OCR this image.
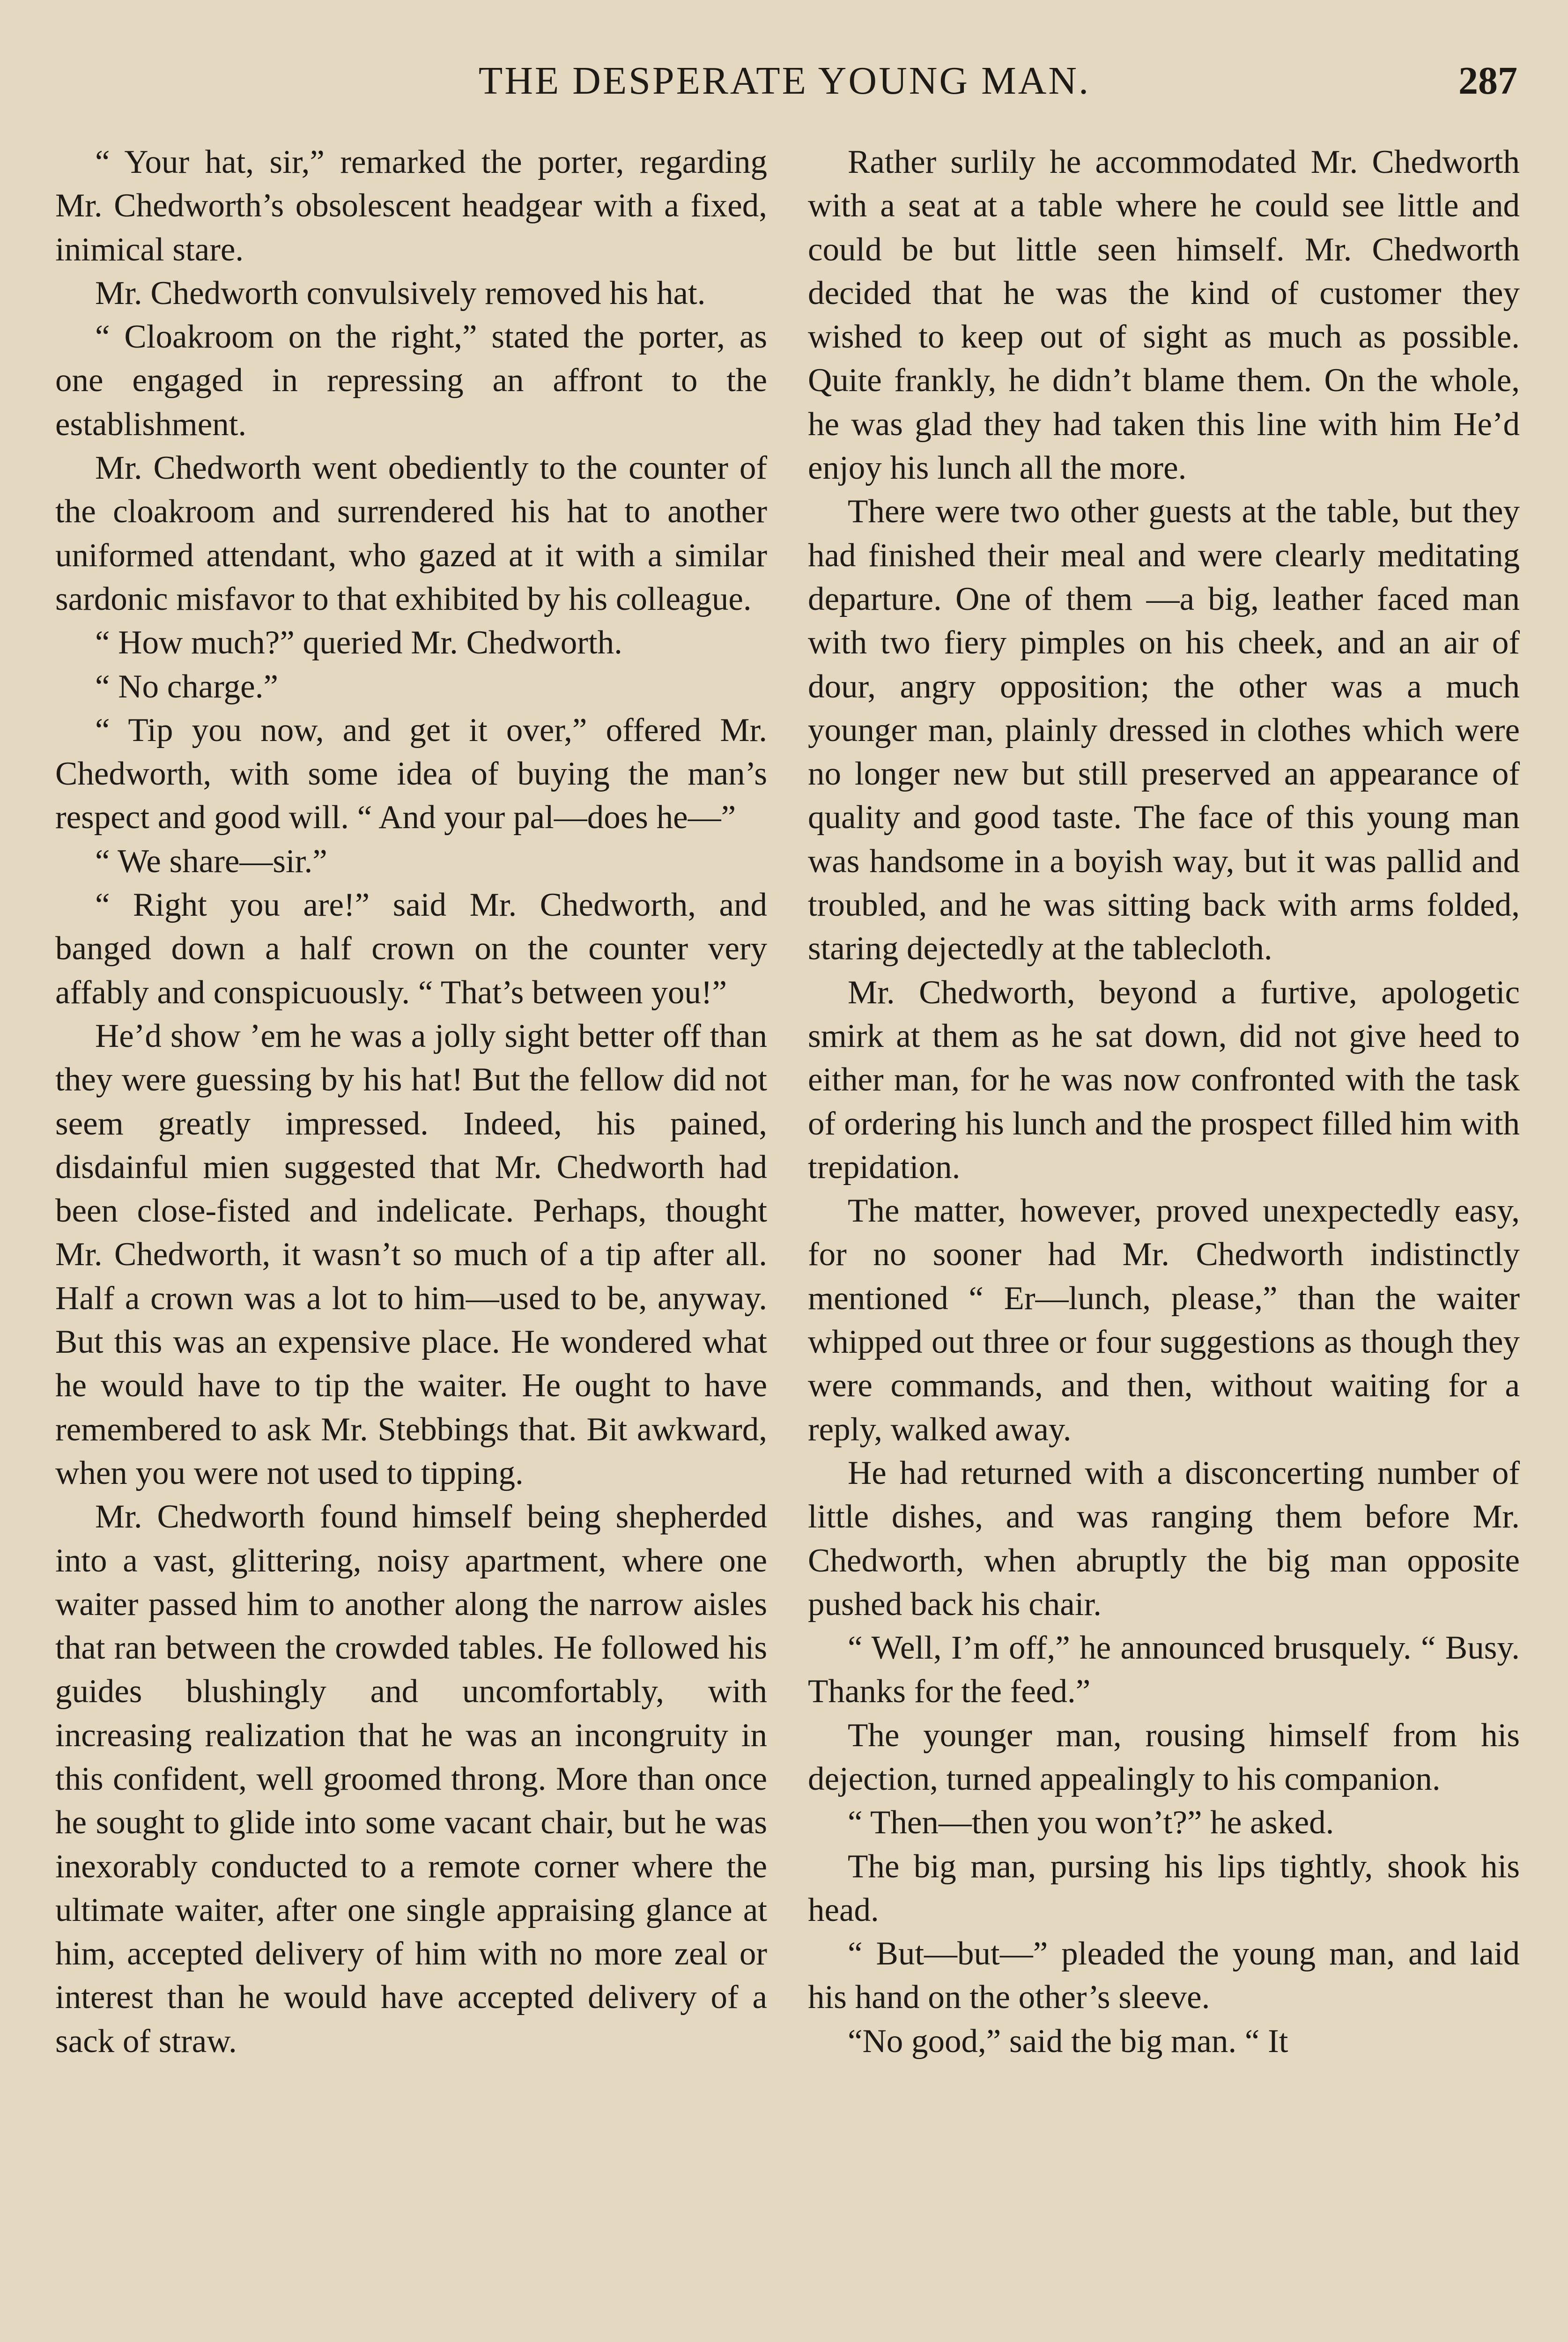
THE DESPERATE YOUNG MAN.	287

“ Your hat, sir,” remarked the porter, regarding Mr. Chedworth’s obsolescent headgear with a fixed, inimical stare.

Mr. Chedworth convulsively removed his hat.

“ Cloakroom on the right,” stated the porter, as one engaged in repressing an affront to the establishment.

Mr. Chedworth went obediently to the counter of the cloakroom and surrendered his hat to another uniformed attendant, who gazed at it with a similar sardonic misfavor to that exhibited by his colleague.

“ How much?” queried Mr. Chedworth.

“ No charge.”

“ Tip you now, and get it over,” offered Mr. Chedworth, with some idea of buying the man’s respect and good will. “ And your pal—does he—”

“ We share—sir.”

“ Right you are!” said Mr. Chedworth, and banged down a half crown on the counter very affably and conspicuously. “ That’s between you!”

He’d show ’em he was a jolly sight better off than they were guessing by his hat! But the fellow did not seem greatly impressed. Indeed, his pained, disdainful mien suggested that Mr. Chedworth had been close-fisted and indelicate. Perhaps, thought Mr. Chedworth, it wasn’t so much of a tip after all. Half a crown was a lot to him—used to be, anyway. But this was an expensive place. He wondered what he would have to tip the waiter. He ought to have remembered to ask Mr. Stebbings that. Bit awkward, when you were not used to tipping.

Mr. Chedworth found himself being shepherded into a vast, glittering, noisy apartment, where one waiter passed him to another along the narrow aisles that ran between the crowded tables. He followed his guides blushingly and uncomfortably, with increasing realization that he was an incongruity in this confident, well groomed throng. More than once he sought to glide into some vacant chair, but he was inexorably conducted to a remote corner where the ultimate waiter, after one single appraising glance at him, accepted delivery of him with no more zeal or interest than he would have accepted delivery of a sack of straw.

Rather surlily he accommodated Mr. Chedworth with a seat at a table where he could see little and could be but little seen himself. Mr. Chedworth decided that he was the kind of customer they wished to keep out of sight as much as possible. Quite frankly, he didn’t blame them. On the whole, he was glad they had taken this line with him He’d enjoy his lunch all the more.

There were two other guests at the table, but they had finished their meal and were clearly meditating departure. One of them —a big, leather faced man with two fiery pimples on his cheek, and an air of dour, angry opposition; the other was a much younger man, plainly dressed in clothes which were no longer new but still preserved an appearance of quality and good taste. The face of this young man was handsome in a boyish way, but it was pallid and troubled, and he was sitting back with arms folded, staring dejectedly at the tablecloth.

Mr. Chedworth, beyond a furtive, apologetic smirk at them as he sat down, did not give heed to either man, for he was now confronted with the task of ordering his lunch and the prospect filled him with trepidation.

The matter, however, proved unexpectedly easy, for no sooner had Mr. Chedworth indistinctly mentioned “ Er—lunch, please,” than the waiter whipped out three or four suggestions as though they were commands, and then, without waiting for a reply, walked away.

He had returned with a disconcerting number of little dishes, and was ranging them before Mr. Chedworth, when abruptly the big man opposite pushed back his chair.

“ Well, I’m off,” he announced brusquely. “ Busy. Thanks for the feed.”

The younger man, rousing himself from his dejection, turned appealingly to his companion.

“ Then—then you won’t?” he asked.

The big man, pursing his lips tightly, shook his head.

“ But—but—” pleaded the young man, and laid his hand on the other’s sleeve.

“No good,” said the big man. “ It
